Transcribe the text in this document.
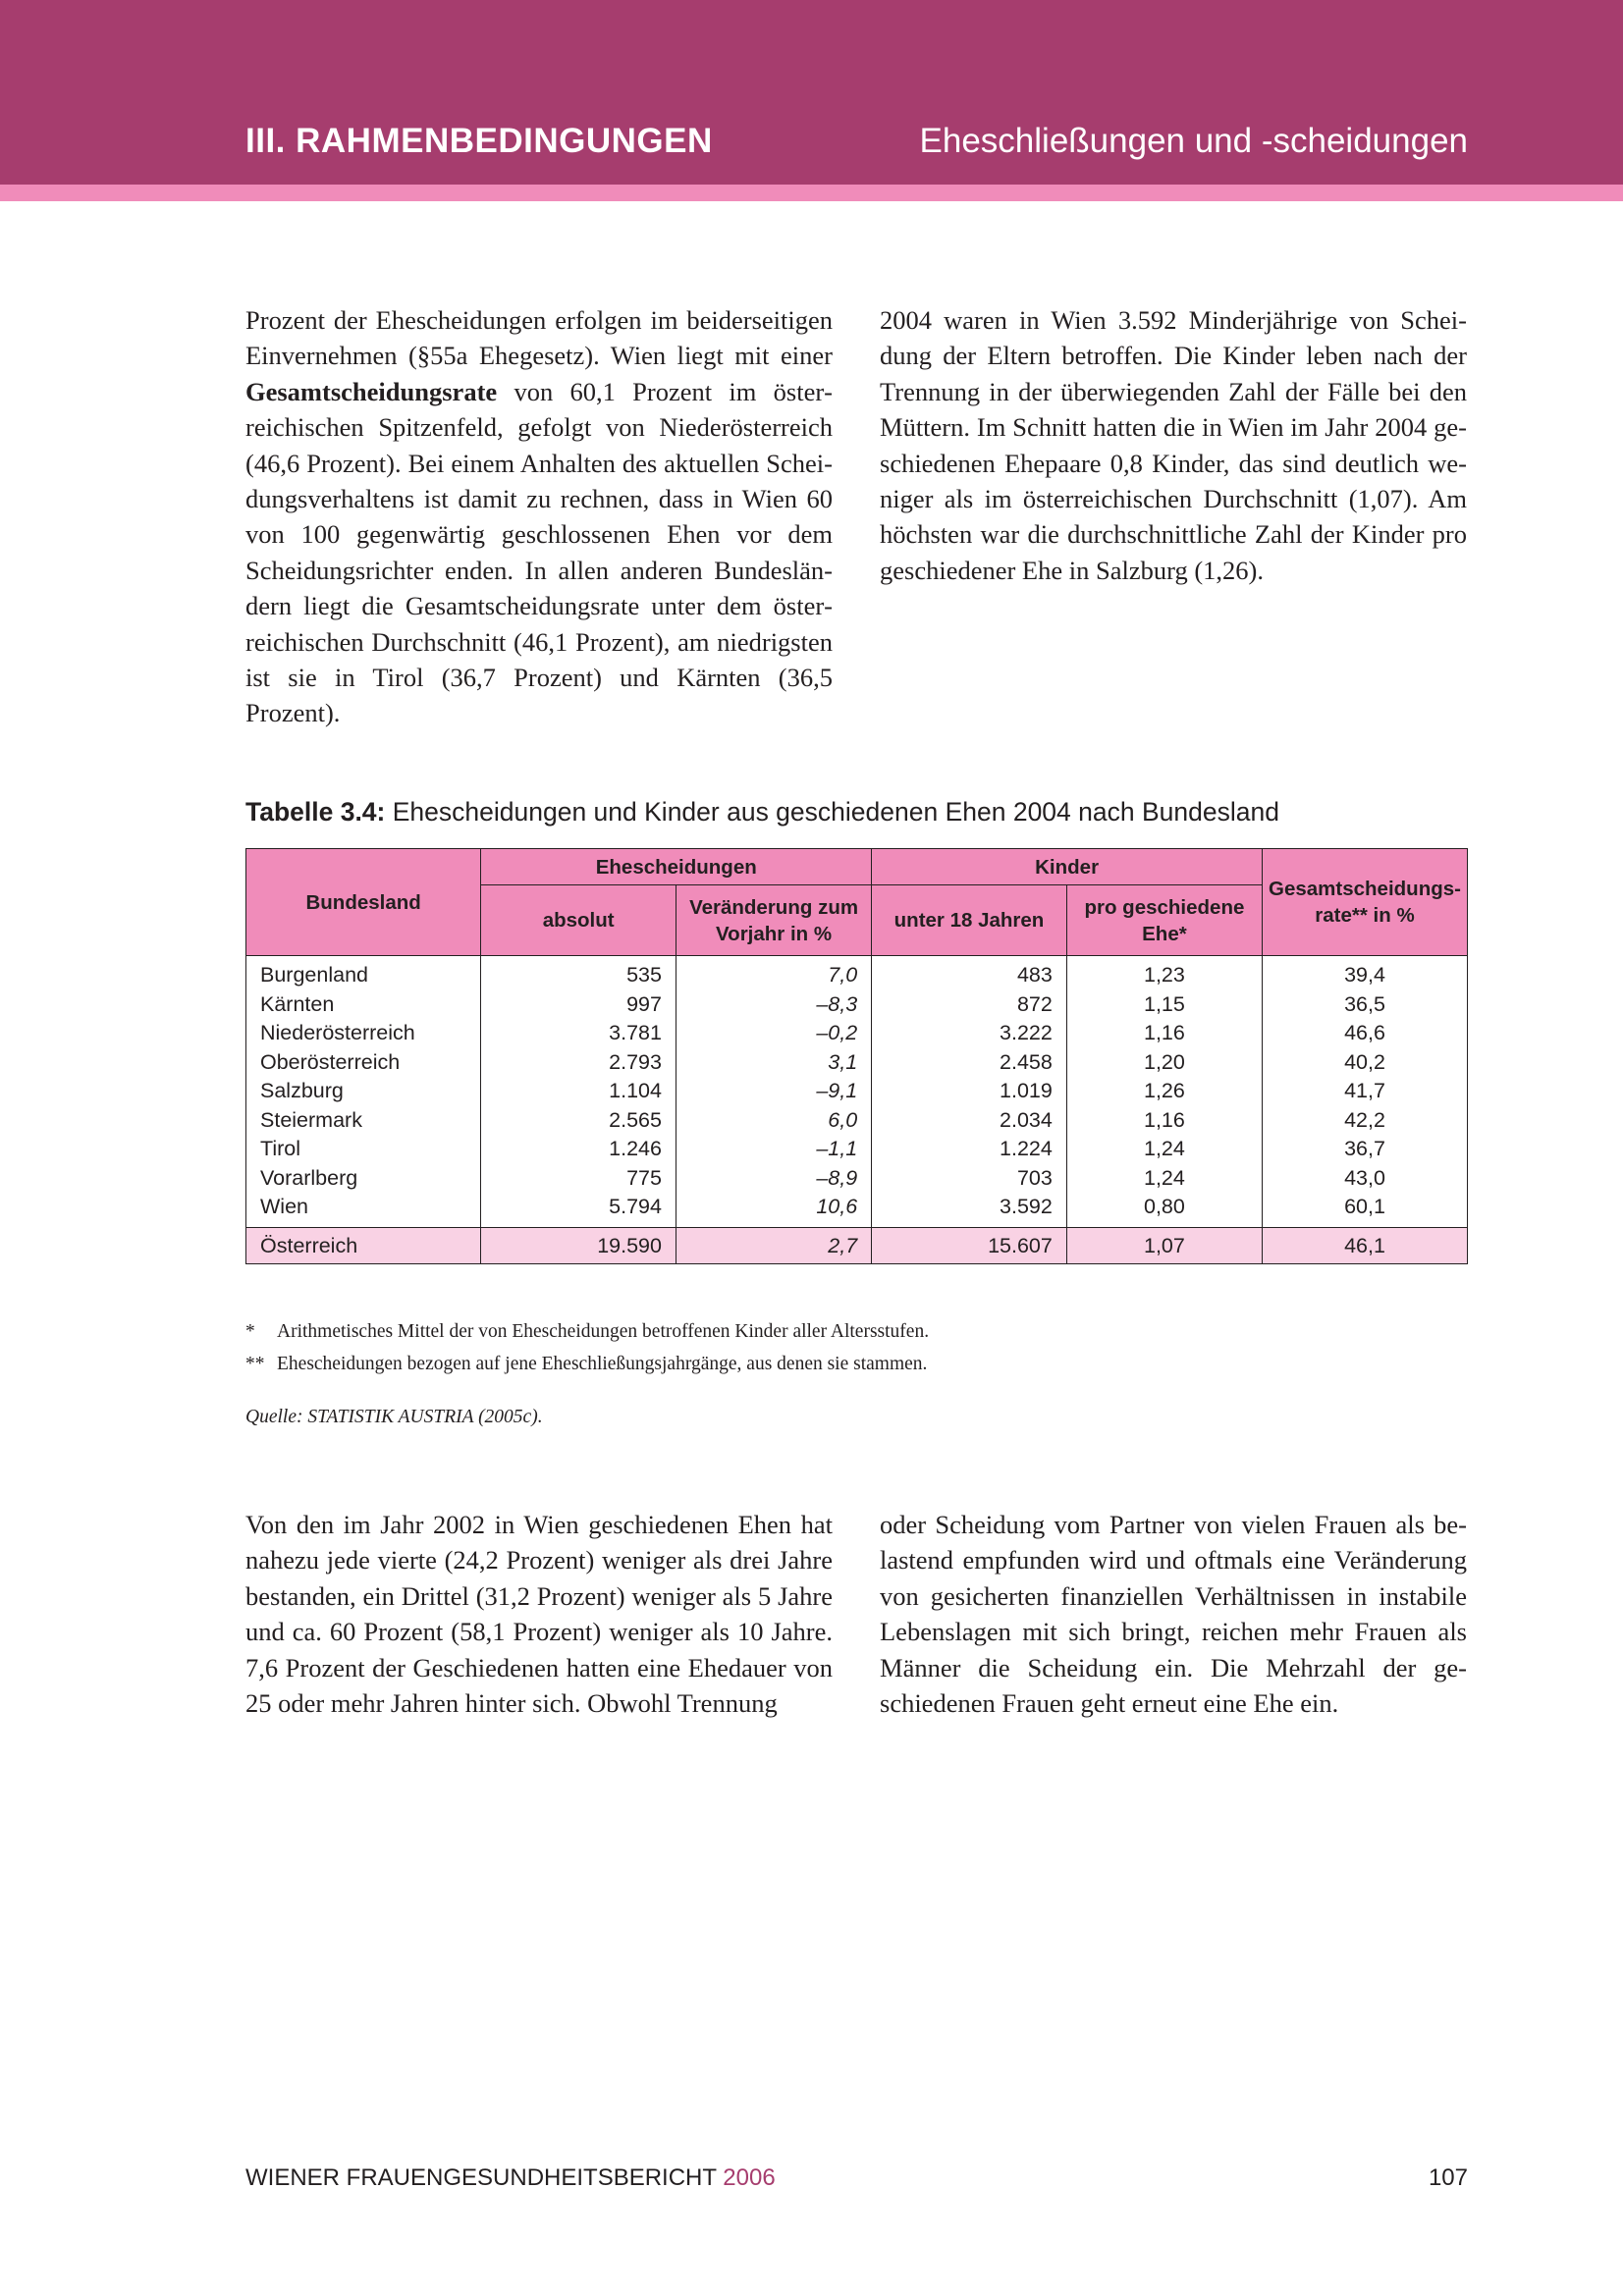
III. RAHMENBEDINGUNGEN	Eheschließungen und -scheidungen

Prozent der Ehescheidungen erfolgen im beiderseitigen Einvernehmen (§55a Ehegesetz). Wien liegt mit einer Gesamtscheidungsrate von 60,1 Prozent im österreichischen Spitzenfeld, gefolgt von Niederösterreich (46,6 Prozent). Bei einem Anhalten des aktuellen Scheidungsverhaltens ist damit zu rechnen, dass in Wien 60 von 100 gegenwärtig geschlossenen Ehen vor dem Scheidungsrichter enden. In allen anderen Bundesländern liegt die Gesamtscheidungsrate unter dem österreichischen Durchschnitt (46,1 Prozent), am niedrigsten ist sie in Tirol (36,7 Prozent) und Kärnten (36,5 Prozent).

2004 waren in Wien 3.592 Minderjährige von Scheidung der Eltern betroffen. Die Kinder leben nach der Trennung in der überwiegenden Zahl der Fälle bei den Müttern. Im Schnitt hatten die in Wien im Jahr 2004 geschiedenen Ehepaare 0,8 Kinder, das sind deutlich weniger als im österreichischen Durchschnitt (1,07). Am höchsten war die durchschnittliche Zahl der Kinder pro geschiedener Ehe in Salzburg (1,26).

Tabelle 3.4: Ehescheidungen und Kinder aus geschiedenen Ehen 2004 nach Bundesland
Bundesland	Ehescheidungen		Kinder		Gesamtscheidungs-rate** in %
	absolut	Veränderung zum Vorjahr in %	unter 18 Jahren	pro geschiedene Ehe*	
Burgenland	535	7,0	483	1,23	39,4
Kärnten	997	–8,3	872	1,15	36,5
Niederösterreich	3.781	–0,2	3.222	1,16	46,6
Oberösterreich	2.793	3,1	2.458	1,20	40,2
Salzburg	1.104	–9,1	1.019	1,26	41,7
Steiermark	2.565	6,0	2.034	1,16	42,2
Tirol	1.246	–1,1	1.224	1,24	36,7
Vorarlberg	775	–8,9	703	1,24	43,0
Wien	5.794	10,6	3.592	0,80	60,1
Österreich	19.590	2,7	15.607	1,07	46,1
* Arithmetisches Mittel der von Ehescheidungen betroffenen Kinder aller Altersstufen.
** Ehescheidungen bezogen auf jene Eheschließungsjahrgänge, aus denen sie stammen.
Quelle: STATISTIK AUSTRIA (2005c).

Von den im Jahr 2002 in Wien geschiedenen Ehen hat nahezu jede vierte (24,2 Prozent) weniger als drei Jahre bestanden, ein Drittel (31,2 Prozent) weniger als 5 Jahre und ca. 60 Prozent (58,1 Prozent) weniger als 10 Jahre. 7,6 Prozent der Geschiedenen hatten eine Ehedauer von 25 oder mehr Jahren hinter sich. Obwohl Trennung

oder Scheidung vom Partner von vielen Frauen als belastend empfunden wird und oftmals eine Veränderung von gesicherten finanziellen Verhältnissen in instabile Lebenslagen mit sich bringt, reichen mehr Frauen als Männer die Scheidung ein. Die Mehrzahl der geschiedenen Frauen geht erneut eine Ehe ein.

WIENER FRAUENGESUNDHEITSBERICHT 2006	107
